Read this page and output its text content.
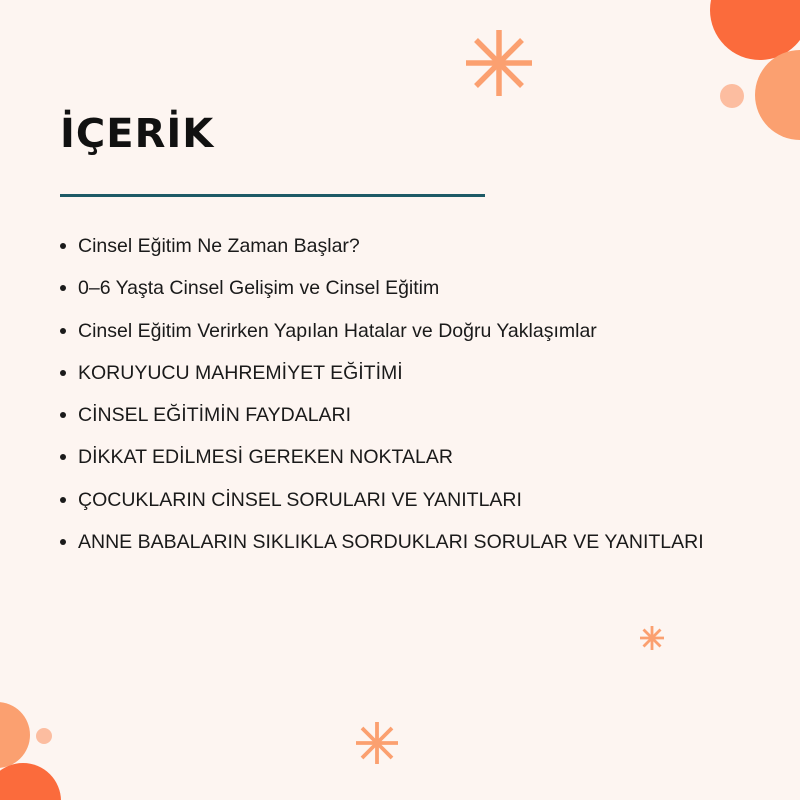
İÇERİK
Cinsel Eğitim Ne Zaman Başlar?
0–6 Yaşta Cinsel Gelişim ve Cinsel Eğitim
Cinsel Eğitim Verirken Yapılan Hatalar ve Doğru Yaklaşımlar
KORUYUCU MAHREMİYET EĞİTİMİ
CİNSEL EĞİTİMİN FAYDALARI
DİKKAT EDİLMESİ GEREKEN NOKTALAR
ÇOCUKLARIN CİNSEL SORULARI VE YANITLARI
ANNE BABALARIN SIKLIKLA SORDUKLARI SORULAR VE YANITLARI
